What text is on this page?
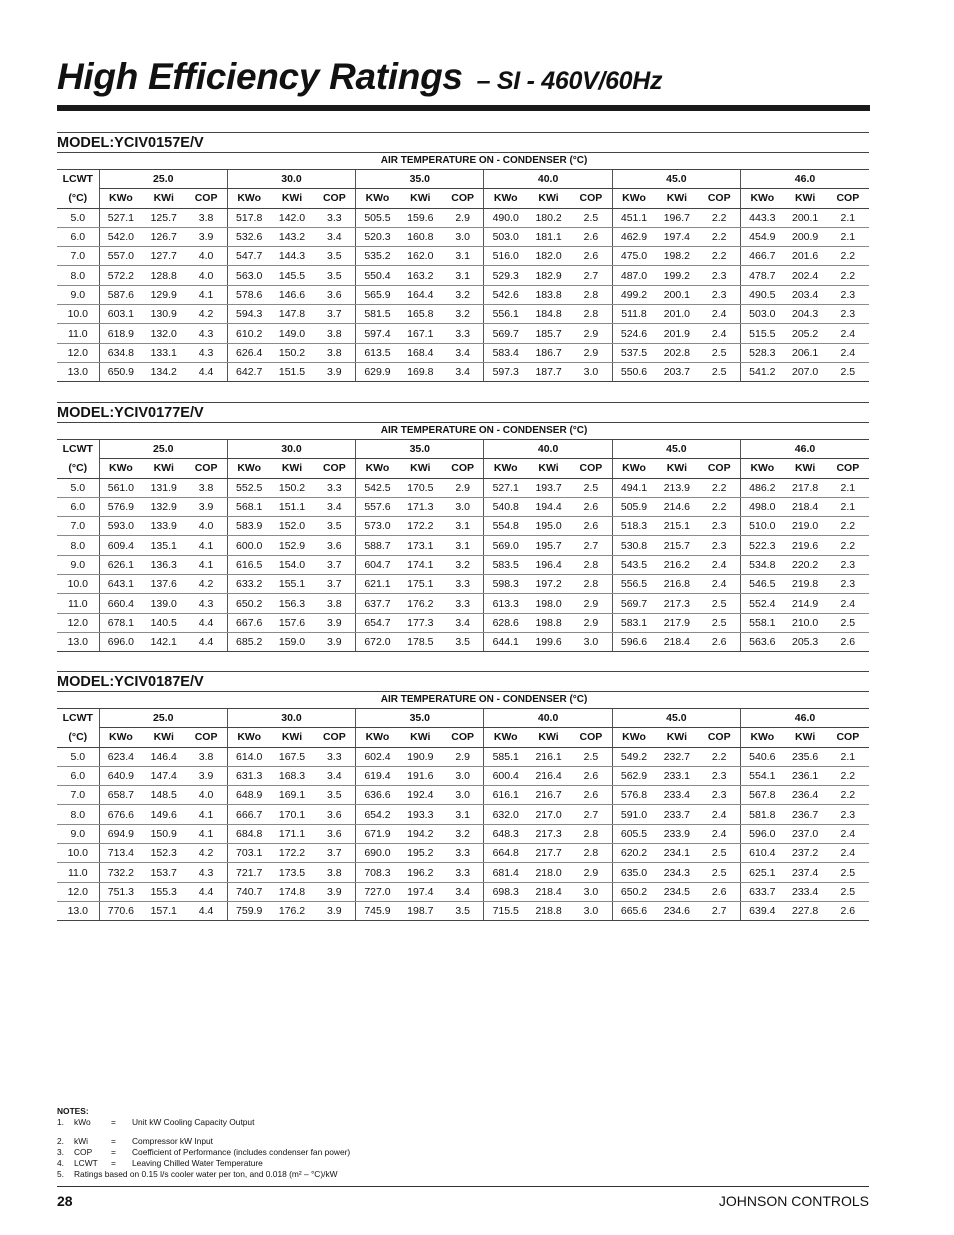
High Efficiency Ratings – SI - 460V/60Hz
MODEL:YCIV0157E/V
	AIR TEMPERATURE ON - CONDENSER (°C)																	
LCWT	25.0			30.0			35.0			40.0			45.0			46.0		
(°C)	KWo	KWi	COP	KWo	KWi	COP	KWo	KWi	COP	KWo	KWi	COP	KWo	KWi	COP	KWo	KWi	COP
5.0	527.1	125.7	3.8	517.8	142.0	3.3	505.5	159.6	2.9	490.0	180.2	2.5	451.1	196.7	2.2	443.3	200.1	2.1
6.0	542.0	126.7	3.9	532.6	143.2	3.4	520.3	160.8	3.0	503.0	181.1	2.6	462.9	197.4	2.2	454.9	200.9	2.1
7.0	557.0	127.7	4.0	547.7	144.3	3.5	535.2	162.0	3.1	516.0	182.0	2.6	475.0	198.2	2.2	466.7	201.6	2.2
8.0	572.2	128.8	4.0	563.0	145.5	3.5	550.4	163.2	3.1	529.3	182.9	2.7	487.0	199.2	2.3	478.7	202.4	2.2
9.0	587.6	129.9	4.1	578.6	146.6	3.6	565.9	164.4	3.2	542.6	183.8	2.8	499.2	200.1	2.3	490.5	203.4	2.3
10.0	603.1	130.9	4.2	594.3	147.8	3.7	581.5	165.8	3.2	556.1	184.8	2.8	511.8	201.0	2.4	503.0	204.3	2.3
11.0	618.9	132.0	4.3	610.2	149.0	3.8	597.4	167.1	3.3	569.7	185.7	2.9	524.6	201.9	2.4	515.5	205.2	2.4
12.0	634.8	133.1	4.3	626.4	150.2	3.8	613.5	168.4	3.4	583.4	186.7	2.9	537.5	202.8	2.5	528.3	206.1	2.4
13.0	650.9	134.2	4.4	642.7	151.5	3.9	629.9	169.8	3.4	597.3	187.7	3.0	550.6	203.7	2.5	541.2	207.0	2.5
MODEL:YCIV0177E/V
	AIR TEMPERATURE ON - CONDENSER (°C)																	
LCWT	25.0			30.0			35.0			40.0			45.0			46.0		
(°C)	KWo	KWi	COP	KWo	KWi	COP	KWo	KWi	COP	KWo	KWi	COP	KWo	KWi	COP	KWo	KWi	COP
5.0	561.0	131.9	3.8	552.5	150.2	3.3	542.5	170.5	2.9	527.1	193.7	2.5	494.1	213.9	2.2	486.2	217.8	2.1
6.0	576.9	132.9	3.9	568.1	151.1	3.4	557.6	171.3	3.0	540.8	194.4	2.6	505.9	214.6	2.2	498.0	218.4	2.1
7.0	593.0	133.9	4.0	583.9	152.0	3.5	573.0	172.2	3.1	554.8	195.0	2.6	518.3	215.1	2.3	510.0	219.0	2.2
8.0	609.4	135.1	4.1	600.0	152.9	3.6	588.7	173.1	3.1	569.0	195.7	2.7	530.8	215.7	2.3	522.3	219.6	2.2
9.0	626.1	136.3	4.1	616.5	154.0	3.7	604.7	174.1	3.2	583.5	196.4	2.8	543.5	216.2	2.4	534.8	220.2	2.3
10.0	643.1	137.6	4.2	633.2	155.1	3.7	621.1	175.1	3.3	598.3	197.2	2.8	556.5	216.8	2.4	546.5	219.8	2.3
11.0	660.4	139.0	4.3	650.2	156.3	3.8	637.7	176.2	3.3	613.3	198.0	2.9	569.7	217.3	2.5	552.4	214.9	2.4
12.0	678.1	140.5	4.4	667.6	157.6	3.9	654.7	177.3	3.4	628.6	198.8	2.9	583.1	217.9	2.5	558.1	210.0	2.5
13.0	696.0	142.1	4.4	685.2	159.0	3.9	672.0	178.5	3.5	644.1	199.6	3.0	596.6	218.4	2.6	563.6	205.3	2.6
MODEL:YCIV0187E/V
	AIR TEMPERATURE ON - CONDENSER (°C)																	
LCWT	25.0			30.0			35.0			40.0			45.0			46.0		
(°C)	KWo	KWi	COP	KWo	KWi	COP	KWo	KWi	COP	KWo	KWi	COP	KWo	KWi	COP	KWo	KWi	COP
5.0	623.4	146.4	3.8	614.0	167.5	3.3	602.4	190.9	2.9	585.1	216.1	2.5	549.2	232.7	2.2	540.6	235.6	2.1
6.0	640.9	147.4	3.9	631.3	168.3	3.4	619.4	191.6	3.0	600.4	216.4	2.6	562.9	233.1	2.3	554.1	236.1	2.2
7.0	658.7	148.5	4.0	648.9	169.1	3.5	636.6	192.4	3.0	616.1	216.7	2.6	576.8	233.4	2.3	567.8	236.4	2.2
8.0	676.6	149.6	4.1	666.7	170.1	3.6	654.2	193.3	3.1	632.0	217.0	2.7	591.0	233.7	2.4	581.8	236.7	2.3
9.0	694.9	150.9	4.1	684.8	171.1	3.6	671.9	194.2	3.2	648.3	217.3	2.8	605.5	233.9	2.4	596.0	237.0	2.4
10.0	713.4	152.3	4.2	703.1	172.2	3.7	690.0	195.2	3.3	664.8	217.7	2.8	620.2	234.1	2.5	610.4	237.2	2.4
11.0	732.2	153.7	4.3	721.7	173.5	3.8	708.3	196.2	3.3	681.4	218.0	2.9	635.0	234.3	2.5	625.1	237.4	2.5
12.0	751.3	155.3	4.4	740.7	174.8	3.9	727.0	197.4	3.4	698.3	218.4	3.0	650.2	234.5	2.6	633.7	233.4	2.5
13.0	770.6	157.1	4.4	759.9	176.2	3.9	745.9	198.7	3.5	715.5	218.8	3.0	665.6	234.6	2.7	639.4	227.8	2.6
NOTES:
1.	kWo	=	Unit kW Cooling Capacity Output
2.	kWi	=	Compressor kW Input
3.	COP	=	Coefficient of Performance (includes condenser fan power)
4.	LCWT	=	Leaving Chilled Water Temperature
5.	Ratings based on 0.15 l/s cooler water per ton, and 0.018 (m² – °C)/kW
28	JOHNSON CONTROLS
